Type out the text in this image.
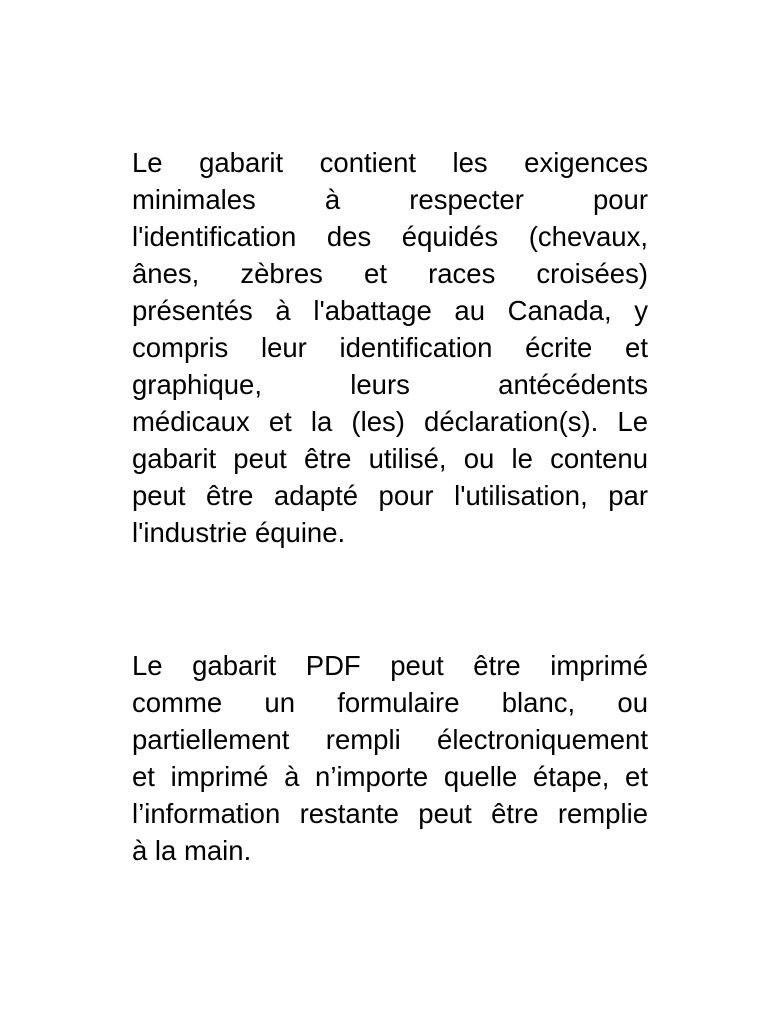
Le gabarit contient les exigences
minimales à respecter pour
l'identification des équidés (chevaux,
ânes, zèbres et races croisées)
présentés à l'abattage au Canada, y
compris leur identification écrite et
graphique, leurs antécédents
médicaux et la (les) déclaration(s). Le
gabarit peut être utilisé, ou le contenu
peut être adapté pour l'utilisation, par
l'industrie équine.

Le gabarit PDF peut être imprimé
comme un formulaire blanc, ou
partiellement rempli électroniquement
et imprimé à n’importe quelle étape, et
l’information restante peut être remplie
à la main.
